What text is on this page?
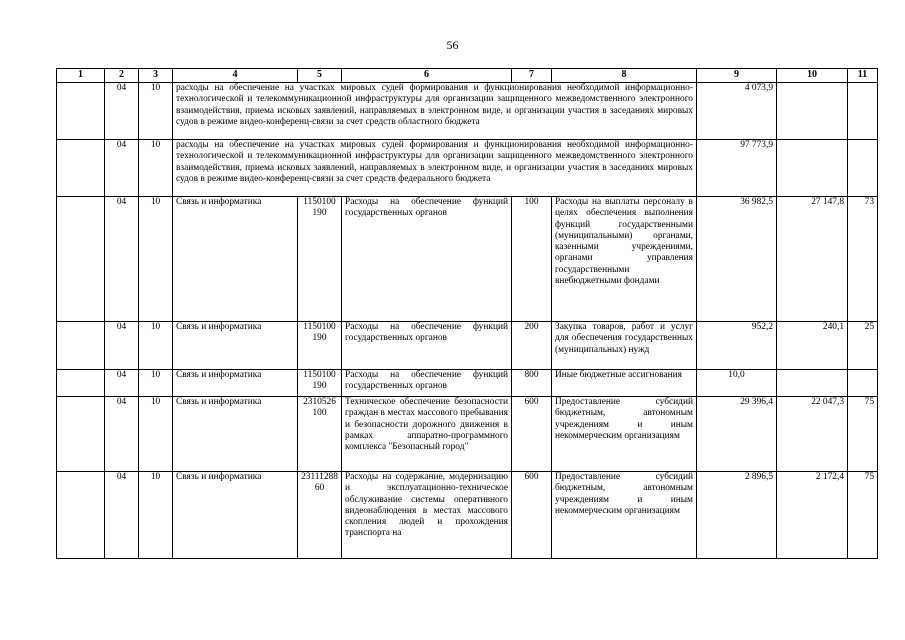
56
1	2	3	4	5	6	7	8	9	10	11
	04	10	расходы на обеспечение на участках мировых судей формирования и функционирования необходимой информационно-технологической и телекоммуникационной инфраструктуры для организации защищенного межведомственного электронного взаимодействия, приема исковых заявлений, направляемых в электронном виде, и организации участия в заседаниях мировых судов в режиме видео-конференц-связи за счет средств областного бюджета					4 073,9		
	04	10	расходы на обеспечение на участках мировых судей формирования и функционирования необходимой информационно-технологической и телекоммуникационной инфраструктуры для организации защищенного межведомственного электронного взаимодействия, приема исковых заявлений, направляемых в электронном виде, и организации участия в заседаниях мировых судов в режиме видео-конференц-связи за счет средств федерального бюджета					97 773,9		
	04	10	Связь и информатика	1150100190	Расходы на обеспечение функций государственных органов	100	Расходы на выплаты персоналу в целях обеспечения выполнения функций государственными (муниципальными) органами, казенными учреждениями, органами управления государственными внебюджетными фондами	36 982,5	27 147,8	73
	04	10	Связь и информатика	1150100190	Расходы на обеспечение функций государственных органов	200	Закупка товаров, работ и услуг для обеспечения государственных (муниципальных) нужд	952,2	240,1	25
	04	10	Связь и информатика	1150100190	Расходы на обеспечение функций государственных органов	800	Иные бюджетные ассигнования	10,0		
	04	10	Связь и информатика	2310526100	Техническое обеспечение безопасности граждан в местах массового пребывания и безопасности дорожного движения в рамках аппаратно-программного комплекса "Безопасный город"	600	Предоставление субсидий бюджетным, автономным учреждениям и иным некоммерческим организациям	29 396,4	22 047,3	75
	04	10	Связь и информатика	2311128860	Расходы на содержание, модернизацию и эксплуатационно-техническое обслуживание системы оперативного видеонаблюдения в местах массового скопления людей и прохождения транспорта на	600	Предоставление субсидий бюджетным, автономным учреждениям и иным некоммерческим организациям	2 896,5	2 172,4	75
